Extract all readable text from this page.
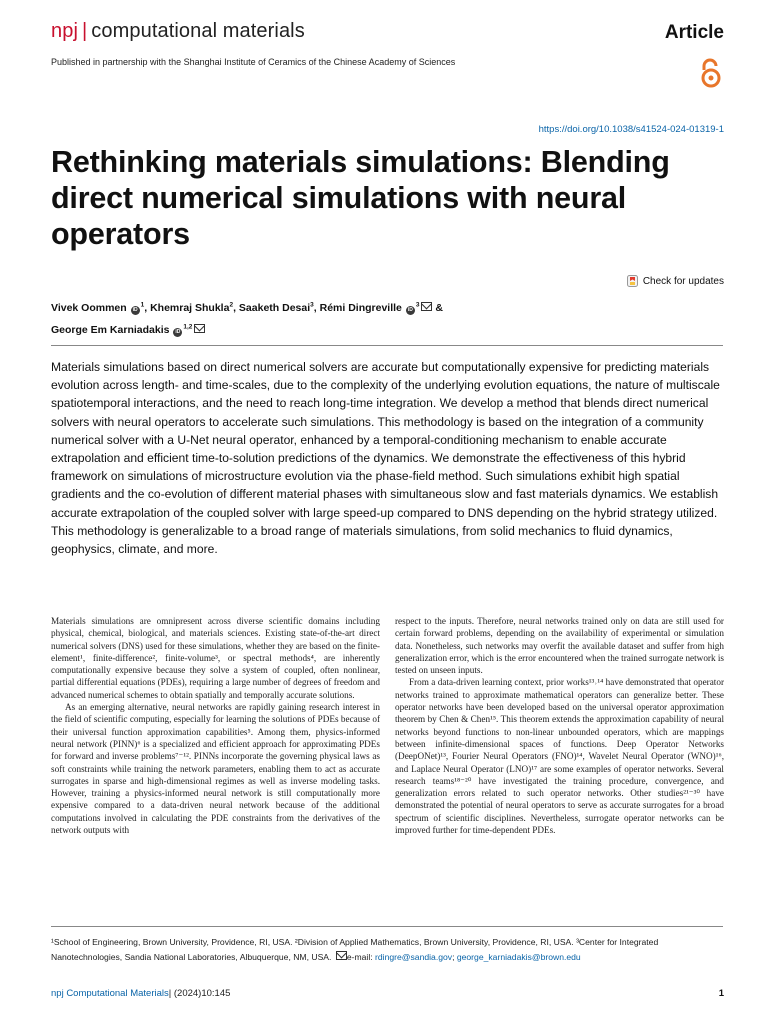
npj | computational materials	Article
Published in partnership with the Shanghai Institute of Ceramics of the Chinese Academy of Sciences
https://doi.org/10.1038/s41524-024-01319-1
Rethinking materials simulations: Blending direct numerical simulations with neural operators
Check for updates
Vivek Oommen $iD^1$, Khemraj Shukla$^2$, Saaketh Desai$^3$, Rémi Dingreville $iD^3$ &
George Em Karniadakis iD$^{1,2}$

Materials simulations based on direct numerical solvers are accurate but computationally expensive for predicting materials evolution across length- and time-scales, due to the complexity of the underlying evolution equations, the nature of multiscale spatiotemporal interactions, and the need to reach long-time integration. We develop a method that blends direct numerical solvers with neural operators to accelerate such simulations. This methodology is based on the integration of a community numerical solver with a U-Net neural operator, enhanced by a temporal-conditioning mechanism to enable accurate extrapolation and efficient time-to-solution predictions of the dynamics. We demonstrate the effectiveness of this hybrid framework on simulations of microstructure evolution via the phase-field method. Such simulations exhibit high spatial gradients and the co-evolution of different material phases with simultaneous slow and fast materials dynamics. We establish accurate extrapolation of the coupled solver with large speed-up compared to DNS depending on the hybrid strategy utilized. This methodology is generalizable to a broad range of materials simulations, from solid mechanics to fluid dynamics, geophysics, climate, and more.

Materials simulations are omnipresent across diverse scientific domains including physical, chemical, biological, and materials sciences. Existing state-of-the-art direct numerical solvers (DNS) used for these simulations, whether they are based on the finite-element¹, finite-difference², finite-volume³, or spectral methods⁴, are inherently computationally expensive because they solve a system of coupled, often nonlinear, partial differential equations (PDEs), requiring a large number of degrees of freedom and advanced numerical schemes to obtain spatially and temporally accurate solutions.

As an emerging alternative, neural networks are rapidly gaining research interest in the field of scientific computing, especially for learning the solutions of PDEs because of their universal function approximation capabilities⁵. Among them, physics-informed neural network (PINN)⁶ is a specialized and efficient approach for approximating PDEs for forward and inverse problems⁷⁻¹². PINNs incorporate the governing physical laws as soft constraints while training the network parameters, enabling them to act as accurate surrogates in sparse and high-dimensional regimes as well as inverse modeling tasks. However, training a physics-informed neural network is still computationally more expensive compared to a data-driven neural network because of the additional computations involved in calculating the PDE constraints from the derivatives of the network outputs with

respect to the inputs. Therefore, neural networks trained only on data are still used for certain forward problems, depending on the availability of experimental or simulation data. Nonetheless, such networks may overfit the available dataset and suffer from high generalization error, which is the error encountered when the trained surrogate network is tested on unseen inputs.

From a data-driven learning context, prior works¹³˒¹⁴ have demonstrated that operator networks trained to approximate mathematical operators can generalize better. These operator networks have been developed based on the universal operator approximation theorem by Chen & Chen¹⁵. This theorem extends the approximation capability of neural networks beyond functions to non-linear unbounded operators, which are mappings between infinite-dimensional spaces of functions. Deep Operator Networks (DeepONet)¹³, Fourier Neural Operators (FNO)¹⁴, Wavelet Neural Operator (WNO)¹⁶, and Laplace Neural Operator (LNO)¹⁷ are some examples of operator networks. Several research teams¹⁸⁻²⁰ have investigated the training procedure, convergence, and generalization errors related to such operator networks. Other studies²¹⁻³⁰ have demonstrated the potential of neural operators to serve as accurate surrogates for a broad spectrum of scientific disciplines. Nevertheless, surrogate operator networks can be improved further for time-dependent PDEs.

¹School of Engineering, Brown University, Providence, RI, USA. ²Division of Applied Mathematics, Brown University, Providence, RI, USA. ³Center for Integrated Nanotechnologies, Sandia National Laboratories, Albuquerque, NM, USA. e-mail: rdingre@sandia.gov; george_karniadakis@brown.edu

npj Computational Materials| (2024)10:145	1
